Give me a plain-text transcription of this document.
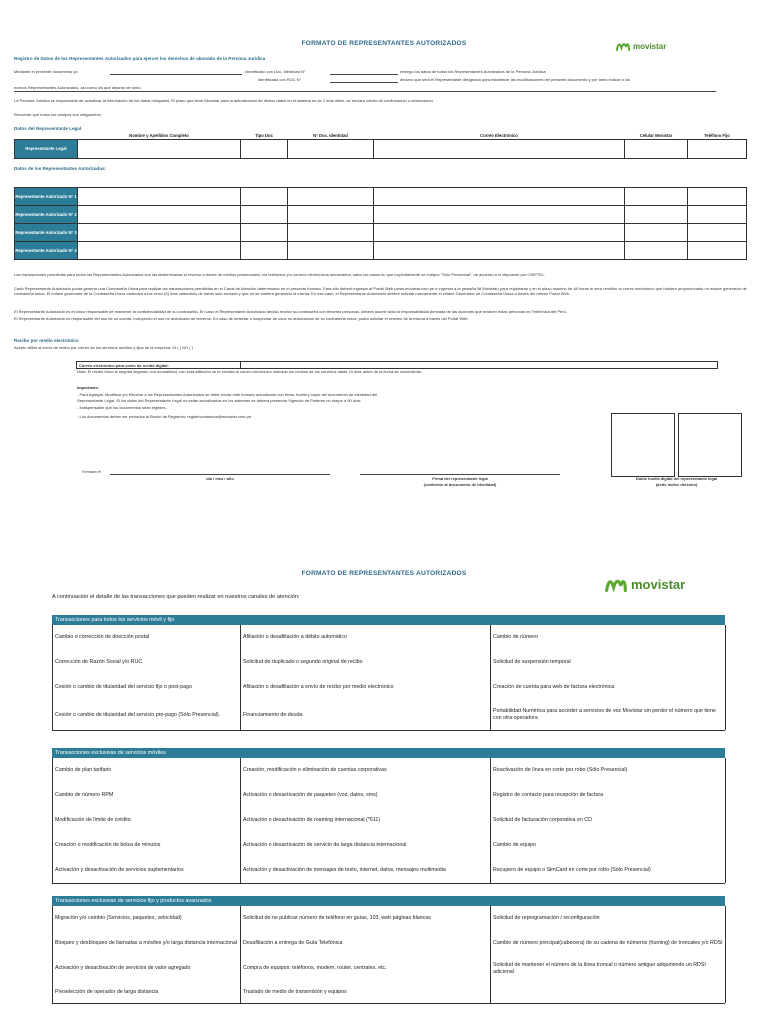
FORMATO DE REPRESENTANTES AUTORIZADOS	movistar
Registro de Datos de los Representantes Autorizados para ejercer los derechos de abonado de la Persona Jurídica
Mediante el presente documento yo	, identificado con Doc. Identidad N°	entrego los datos de todos los Representantes Autorizados de la Persona Jurídica
identificada con RUC N°	declaro que será el Representante designado para establecer las modificaciones del presente documento y por tanto indicar a los
nuevos Representantes Autorizados, así como los que dejarán de serlo.
La Persona Jurídica es responsable de actualizar la información de los datos otorgados. El plazo que tiene Movistar para la actualización de dichos datos en el sistema es de 2 días útiles, se enviará correo de confirmación u observación.
Recuerde que todos los campos son obligatorios:
Datos del Representante Legal
	Nombre y Apellidos Completo	Tipo Doc	N° Doc. Identidad	Correo Electrónico	Celular Movistar	Teléfono Fijo
Representante Legal						
Datos de los Representantes Autorizados:
Representante Autorizado N° 1						
Representante Autorizado N° 2						
Representante Autorizado N° 3						
Representante Autorizado N° 4						
Las transacciones permitidas para todos los Representantes Autorizados son las determinadas al reverso a través de medios presenciales, vía telefónica y/o correos electrónicos autorizados, salvo los casos en que explícitamente se indique "Sólo Presencial", de acuerdo a lo dispuesto por OSIPTEL.
Cada Representante Autorizado podrá generar una Contraseña Única para realizar las transacciones permitidas en el Canal de Atención determinado en el presente formato. Para ello deberá ingresar al Portal Web (www.movistar.com.pe e ingresar a la pestaña Mi Movistar) para registrarse y en el plazo máximo de 48 horas le será remitido al correo electrónico que hubiera proporcionado un enlace generador de contraseña única. El enlace generador de la Contraseña Única caducará a los cinco (5) días calendario de haber sido enviado y que no se hubiera generado la misma. En ese caso, el Representante Autorizado deberá solicitar nuevamente el enlace Generador de Contraseña Única a través del mismo Portal Web.
El Representante Autorizado es el único responsable de mantener la confidencialidad de su contraseña. En caso el Representante Autorizado decida revelar su contraseña con terceras personas, deberá asumir toda la responsabilidad derivada de las acciones que realicen estas personas en Telefónica del Perú.
El Representante Autorizado es responsable del uso de su cuenta, incluyendo el uso no autorizado de terceros. En caso de detectar o sospechar de usos no autorizados de su contraseña única, podrá solicitar el reseteo de la misma a través del Portal Web.
Recibo por medio electrónico
Acepto afiliar al envío de recibo por correo de los servicios móviles y fijos de la empresa: SI ( ) NO ( )
Correo electrónico para envío de recibo digital:
Nota: El recibo físico le seguirá llegando con normalidad, con esta afiliación se le enviará al correo electrónico indicado los recibos de los servicios hasta 10 días antes de la fecha de vencimiento.
Importante:
- Para Agregar, Modificar y/o Eliminar a los Representantes Autorizados se debe enviar este formato actualizado con firma, huella y copia del documento de identidad del
Representante Legal. Si los datos del Representante Legal no están actualizados en los sistemas se deberá presentar Vigencia de Poderes no mayor a 90 días.
- Indispensable que los documentos sean legibles.
- Los documentos deben ser enviados al Buzón de Registros: registrocontactos@movistar.com.pe
Firmado el
día / mes / año	Firma del representante legal
(conforme al documento de identidad)
Doble huella digital del representante legal
(dedo índice derecho)
FORMATO DE REPRESENTANTES AUTORIZADOS
movistar
A continuación el detalle de las transacciones que pueden realizar en nuestros canales de atención:
Transacciones para todos los servicios móvil y fijo
Cambio o corrección de dirección postal	Afiliación o desafiliación a débito automático	Cambio de número
Corrección de Razón Social y/o RUC	Solicitud de duplicado o segundo original de recibo	Solicitud de suspensión temporal
Cesión o cambio de titularidad del servicio fijo o post-pago	Afiliación o desafiliación a envío de recibo por medio electrónico	Creación de cuenta para web de factura electrónica
Cesión o cambio de titularidad del servicio pre-pago (Sólo Presencial).	Financiamiento de deuda	Portabilidad Numérica para acceder a servicios de voz Movistar sin perder el número que tiene con otra operadora
Transacciones exclusivas de servicios móviles
Cambio de plan tarifario	Creación, modificación o eliminación de cuentas corporativas	Reactivación de línea en corte por robo (Sólo Presencial)
Cambio de número RPM	Activación o desactivación de paquetes (voz, datos, sms)	Registro de contacto para recepción de factura
Modificación de límite de crédito	Activación o desactivación de roaming internacional (*611)	Solicitud de facturación corporativa en CD
Creación o modificación de bolsa de minutos	Activación o desactivación de servicio de larga distancia internacional	Cambio de equipo
Activación y desactivación de servicios suplementarios	Activación y desactivación de mensajes de texto, internet, datos, mensajes multimedia	Recupero de equipo o SimCard en corte por robo (Sólo Presencial)
Transacciones exclusivas de servicios fijo y productos avanzados
Migración y/o cambio (Servicios, paquetes, velocidad)	Solicitud de no publicar número de teléfono en guías, 103, web páginas blancas	Solicitud de reprogramación / reconfiguración
Bloqueo y desbloqueo de llamadas a móviles y/o larga distancia internacional	Desafiliación a entrega de Guía Telefónica	Cambio de número principal(cabecera) de su cadena de números (hunting) de troncales y/o RDSI
Activación y desactivación de servicios de valor agregado	Compra de equipos: teléfonos, modem, router, centrales, etc.	Solicitud de mantener el número de la línea troncal o número antiguo adquiriendo un RDSI adicional
Preselección de operador de larga distancia	Traslado de medio de transmisión y equipos	
